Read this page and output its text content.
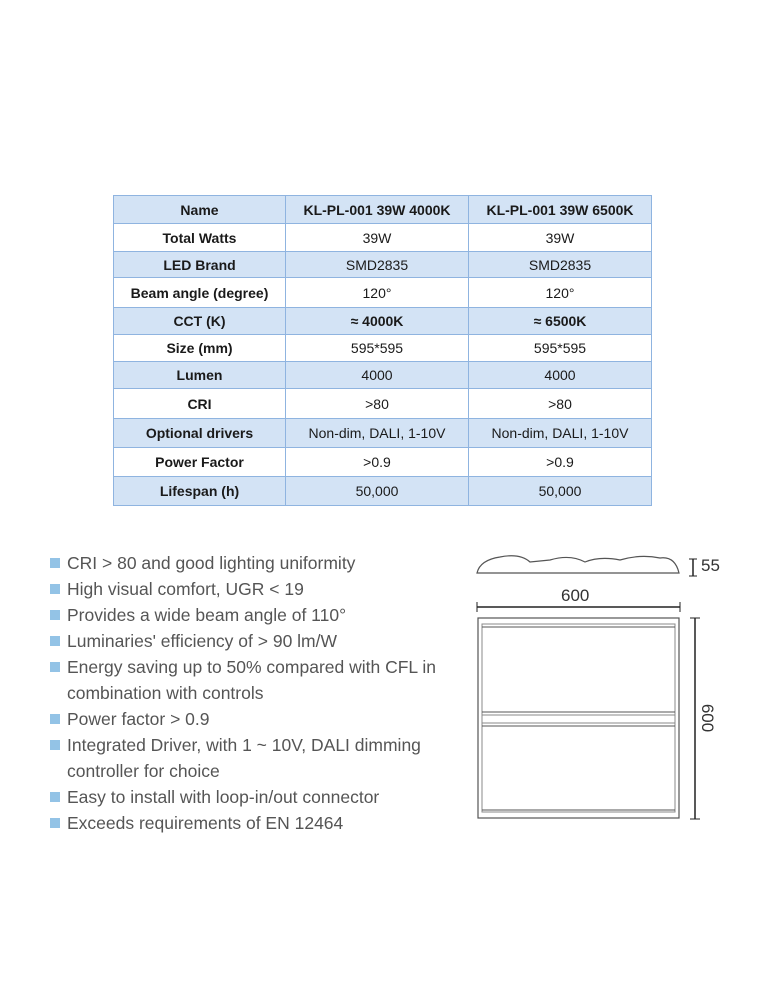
Name	KL-PL-001 39W 4000K	KL-PL-001 39W 6500K
Total Watts	39W	39W
LED Brand	SMD2835	SMD2835
Beam angle (degree)	120°	120°
CCT (K)	≈ 4000K	≈ 6500K
Size (mm)	595*595	595*595
Lumen	4000	4000
CRI	>80	>80
Optional drivers	Non-dim, DALI, 1-10V	Non-dim, DALI, 1-10V
Power Factor	>0.9	>0.9
Lifespan (h)	50,000	50,000
CRI > 80 and good lighting uniformity
High visual comfort, UGR < 19
Provides a wide beam angle of 110°
Luminaries' efficiency of > 90 lm/W
Energy saving up to 50% compared with CFL in combination with controls
Power factor > 0.9
Integrated Driver, with 1 ~ 10V, DALI dimming controller for choice
Easy to install with loop-in/out connector
Exceeds requirements of EN 12464
55
600
600
